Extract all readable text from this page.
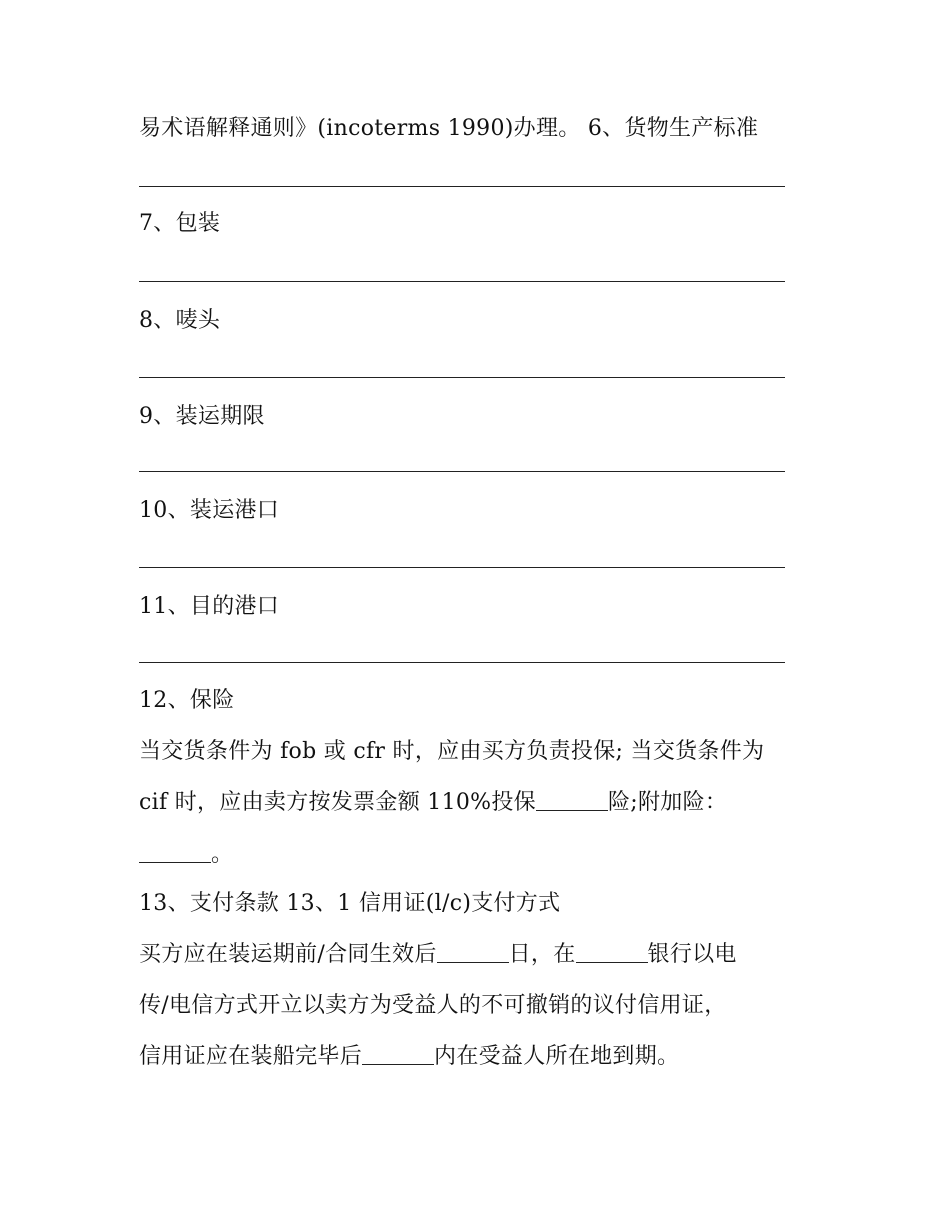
易术语解释通则》(incoterms 1990)办理。 6、货物生产标准
7、包装
8、唛头
9、装运期限
10、装运港口
11、目的港口
12、保险
当交货条件为 fob 或 cfr 时，应由买方负责投保; 当交货条件为
cif 时，应由卖方按发票金额 110%投保	险;附加险：
。
13、支付条款 13、1 信用证(l/c)支付方式
买方应在装运期前/合同生效后	日，在	银行以电
传/电信方式开立以卖方为受益人的不可撤销的议付信用证，
信用证应在装船完毕后	内在受益人所在地到期。
